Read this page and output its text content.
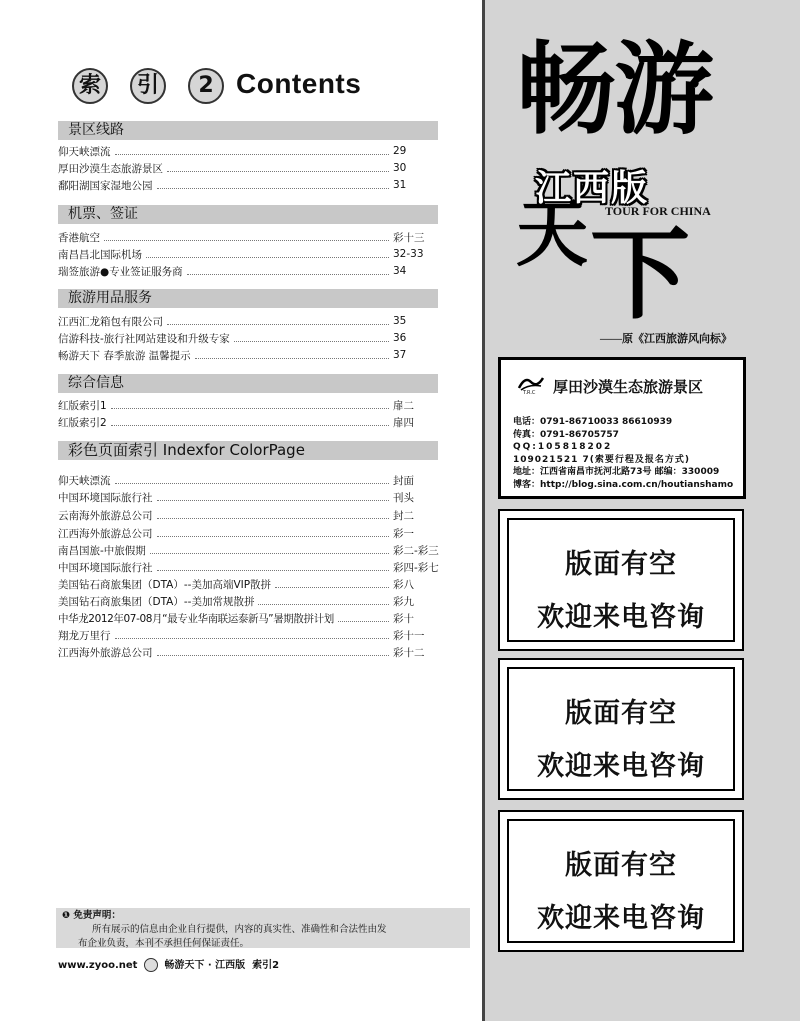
索	引	2 Contents
景区线路
仰天峡漂流	29
厚田沙漠生态旅游景区	30
鄱阳湖国家湿地公园	31
机票、签证
香港航空	彩十三
南昌昌北国际机场	32-33
瑞签旅游●专业签证服务商	34
旅游用品服务
江西汇龙箱包有限公司	35
信游科技-旅行社网站建设和升级专家	36
畅游天下 春季旅游 温馨提示	37
综合信息
红版索引1	扉二
红版索引2	扉四
彩色页面索引 Indexfor ColorPage
仰天峡漂流	封面
中国环境国际旅行社	刊头
云南海外旅游总公司	封二
江西海外旅游总公司	彩一
南昌国旅-中旅假期	彩二-彩三
中国环境国际旅行社	彩四-彩七
美国钻石商旅集团（DTA）--美加高端VIP散拼	彩八
美国钻石商旅集团（DTA）--美加常规散拼	彩九
中华龙2012年07-08月“最专业华南联运泰新马”暑期散拼计划	彩十
翔龙万里行	彩十一
江西海外旅游总公司	彩十二
❶ 免责声明：
所有展示的信息由企业自行提供，内容的真实性、准确性和合法性由发
布企业负责，本刊不承担任何保证责任。
www.zyoo.net	畅游天下 · 江西版 索引2
畅
游
天 下
江西版
TOUR FOR CHINA
——原《江西旅游风向标》
T.R.C 厚田沙漠生态旅游景区
电话：0791-86710033 86610939
传真：0791-86705757
QQ:105818202
109021521 7(索要行程及报名方式)
地址：江西省南昌市抚河北路73号 邮编：330009
博客：http://blog.sina.com.cn/houtianshamo
版面有空
欢迎来电咨询
版面有空
欢迎来电咨询
版面有空
欢迎来电咨询
